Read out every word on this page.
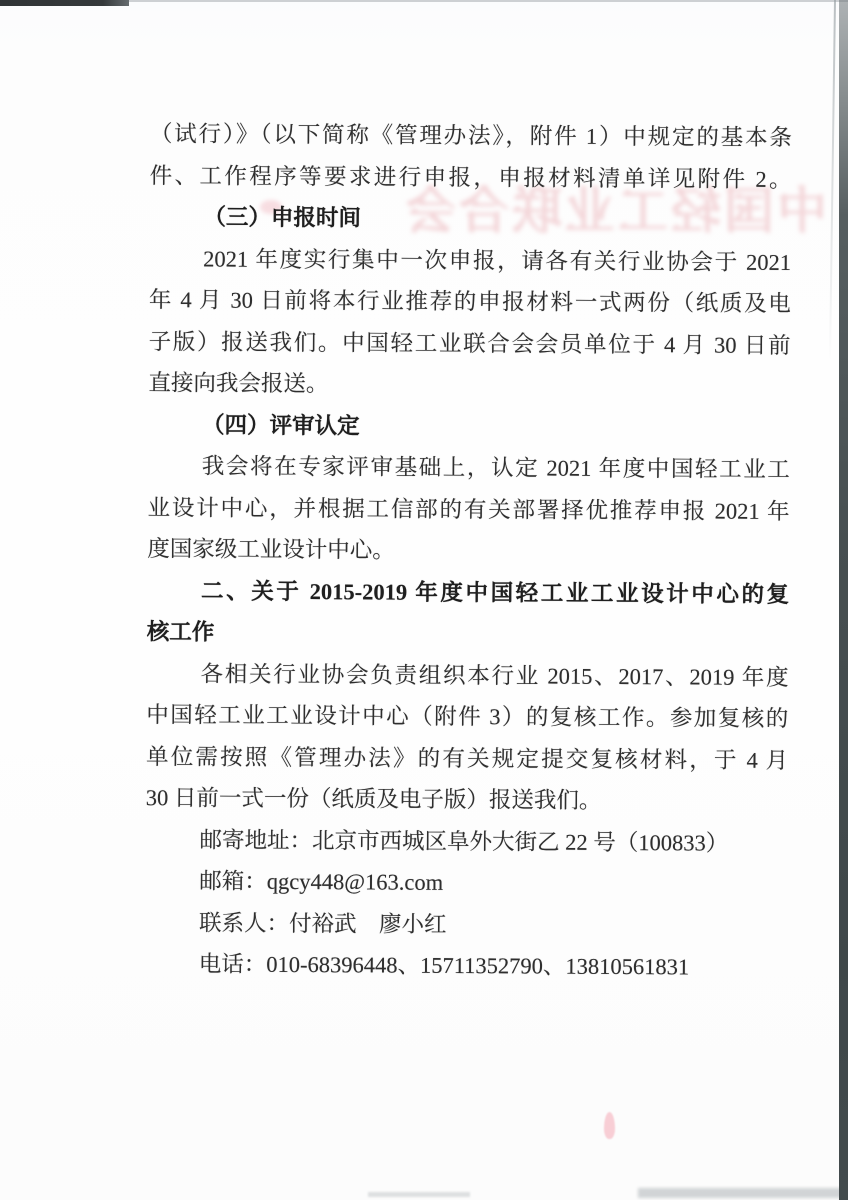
中国轻工业联合会
（试行）》（以下简称《管理办法》，附件 1）中规定的基本条
件、工作程序等要求进行申报，申报材料清单详见附件 2。
（三）申报时间
2021 年度实行集中一次申报，请各有关行业协会于 2021
年 4 月 30 日前将本行业推荐的申报材料一式两份（纸质及电
子版）报送我们。中国轻工业联合会会员单位于 4 月 30 日前
直接向我会报送。
（四）评审认定
我会将在专家评审基础上，认定 2021 年度中国轻工业工
业设计中心，并根据工信部的有关部署择优推荐申报 2021 年
度国家级工业设计中心。
二、关于 2015-2019 年度中国轻工业工业设计中心的复
核工作
各相关行业协会负责组织本行业 2015、2017、2019 年度
中国轻工业工业设计中心（附件 3）的复核工作。参加复核的
单位需按照《管理办法》的有关规定提交复核材料，于 4 月
30 日前一式一份（纸质及电子版）报送我们。
邮寄地址：北京市西城区阜外大街乙 22 号（100833）
邮箱：qgcy448@163.com
联系人：付裕武　廖小红
电话：010-68396448、15711352790、13810561831
